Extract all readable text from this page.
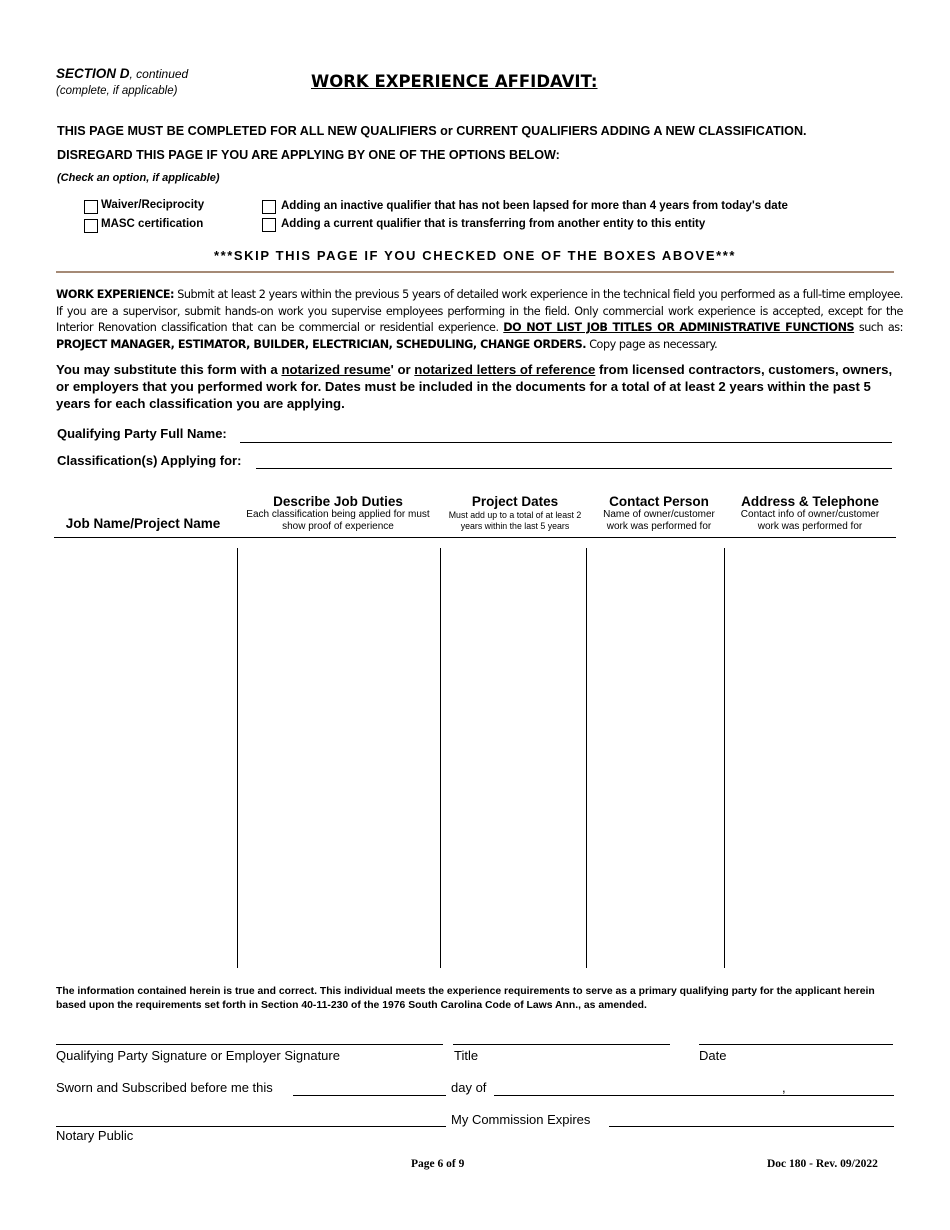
SECTION D, continued
(complete, if applicable)	WORK EXPERIENCE AFFIDAVIT:
THIS PAGE MUST BE COMPLETED FOR ALL NEW QUALIFIERS or CURRENT QUALIFIERS ADDING A NEW CLASSIFICATION.
DISREGARD THIS PAGE IF YOU ARE APPLYING BY ONE OF THE OPTIONS BELOW:
(Check an option, if applicable)
Waiver/Reciprocity
MASC certification
Adding an inactive qualifier that has not been lapsed for more than 4 years from today's date
Adding a current qualifier that is transferring from another entity to this entity
***SKIP THIS PAGE IF YOU CHECKED ONE OF THE BOXES ABOVE***
WORK EXPERIENCE: Submit at least 2 years within the previous 5 years of detailed work experience in the technical field you performed as a full-time employee. If you are a supervisor, submit hands-on work you supervise employees performing in the field. Only commercial work experience is accepted, except for the Interior Renovation classification that can be commercial or residential experience. DO NOT LIST JOB TITLES OR ADMINISTRATIVE FUNCTIONS such as: PROJECT MANAGER, ESTIMATOR, BUILDER, ELECTRICIAN, SCHEDULING, CHANGE ORDERS. Copy page as necessary.
You may substitute this form with a notarized resume' or notarized letters of reference from licensed contractors, customers, owners, or employers that you performed work for. Dates must be included in the documents for a total of at least 2 years within the past 5 years for each classification you are applying.
Qualifying Party Full Name:
Classification(s) Applying for:
Job Name/Project Name
Describe Job Duties
Each classification being applied for must show proof of experience
Project Dates
Must add up to a total of at least 2 years within the last 5 years
Contact Person
Name of owner/customer work was performed for
Address & Telephone
Contact info of owner/customer work was performed for
The information contained herein is true and correct. This individual meets the experience requirements to serve as a primary qualifying party for the applicant herein based upon the requirements set forth in Section 40-11-230 of the 1976 South Carolina Code of Laws Ann., as amended.
Qualifying Party Signature or Employer Signature	Title	Date
Sworn and Subscribed before me this	day of	,
My Commission Expires
Notary Public
Page 6 of 9	Doc 180 - Rev. 09/2022
